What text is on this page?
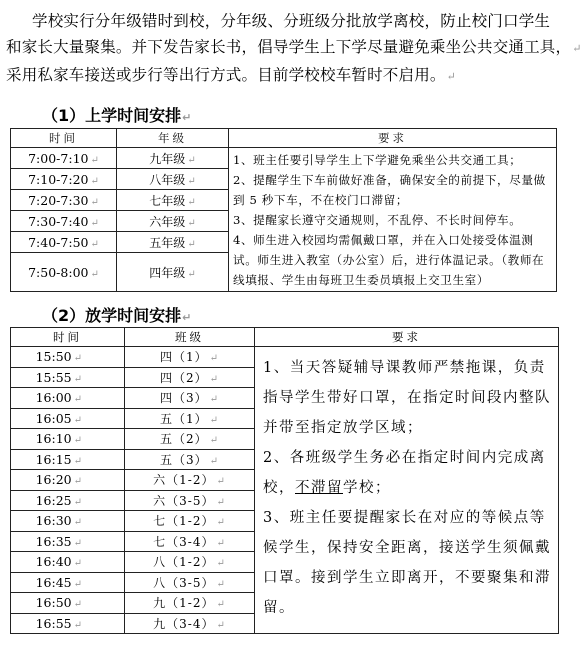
学校实行分年级错时到校，分年级、分班级分批放学离校，防止校门口学生

和家长大量聚集。并下发告家长书，倡导学生上下学尽量避免乘坐公共交通工具，↵

采用私家车接送或步行等出行方式。目前学校校车暂时不启用。↵

（1）上学时间安排↵
时间	年级	要求
7:00-7:10 ↵	九年级 ↵	1、班主任要引导学生上下学避免乘坐公共交通工具；
2、提醒学生下车前做好准备，确保安全的前提下，尽量做到 5 秒下车，不在校门口滞留；
3、提醒家长遵守交通规则，不乱停、不长时间停车。
4、师生进入校园均需佩戴口罩，并在入口处接受体温测试。师生进入教室（办公室）后，进行体温记录。（教师在线填报、学生由每班卫生委员填报上交卫生室）

7:10-7:20 ↵	八年级 ↵	
7:20-7:30 ↵	七年级 ↵	
7:30-7:40 ↵	六年级 ↵	
7:40-7:50 ↵	五年级 ↵	
7:50-8:00 ↵	四年级 ↵	
（2）放学时间安排↵
时间	班级	要求
15:50 ↵	四（1） ↵	1、当天答疑辅导课教师严禁拖课，负责指导学生带好口罩，在指定时间段内整队并带至指定放学区域；
2、各班级学生务必在指定时间内完成离校，不滞留学校；
3、班主任要提醒家长在对应的等候点等候学生，保持安全距离，接送学生须佩戴口罩。接到学生立即离开，不要聚集和滞留。

15:55 ↵	四（2） ↵	
16:00 ↵	四（3） ↵	
16:05 ↵	五（1） ↵	
16:10 ↵	五（2） ↵	
16:15 ↵	五（3） ↵	
16:20 ↵	六（1-2） ↵	
16:25 ↵	六（3-5） ↵	
16:30 ↵	七（1-2） ↵	
16:35 ↵	七（3-4） ↵	
16:40 ↵	八（1-2） ↵	
16:45 ↵	八（3-5） ↵	
16:50 ↵	九（1-2） ↵	
16:55 ↵	九（3-4） ↵	
